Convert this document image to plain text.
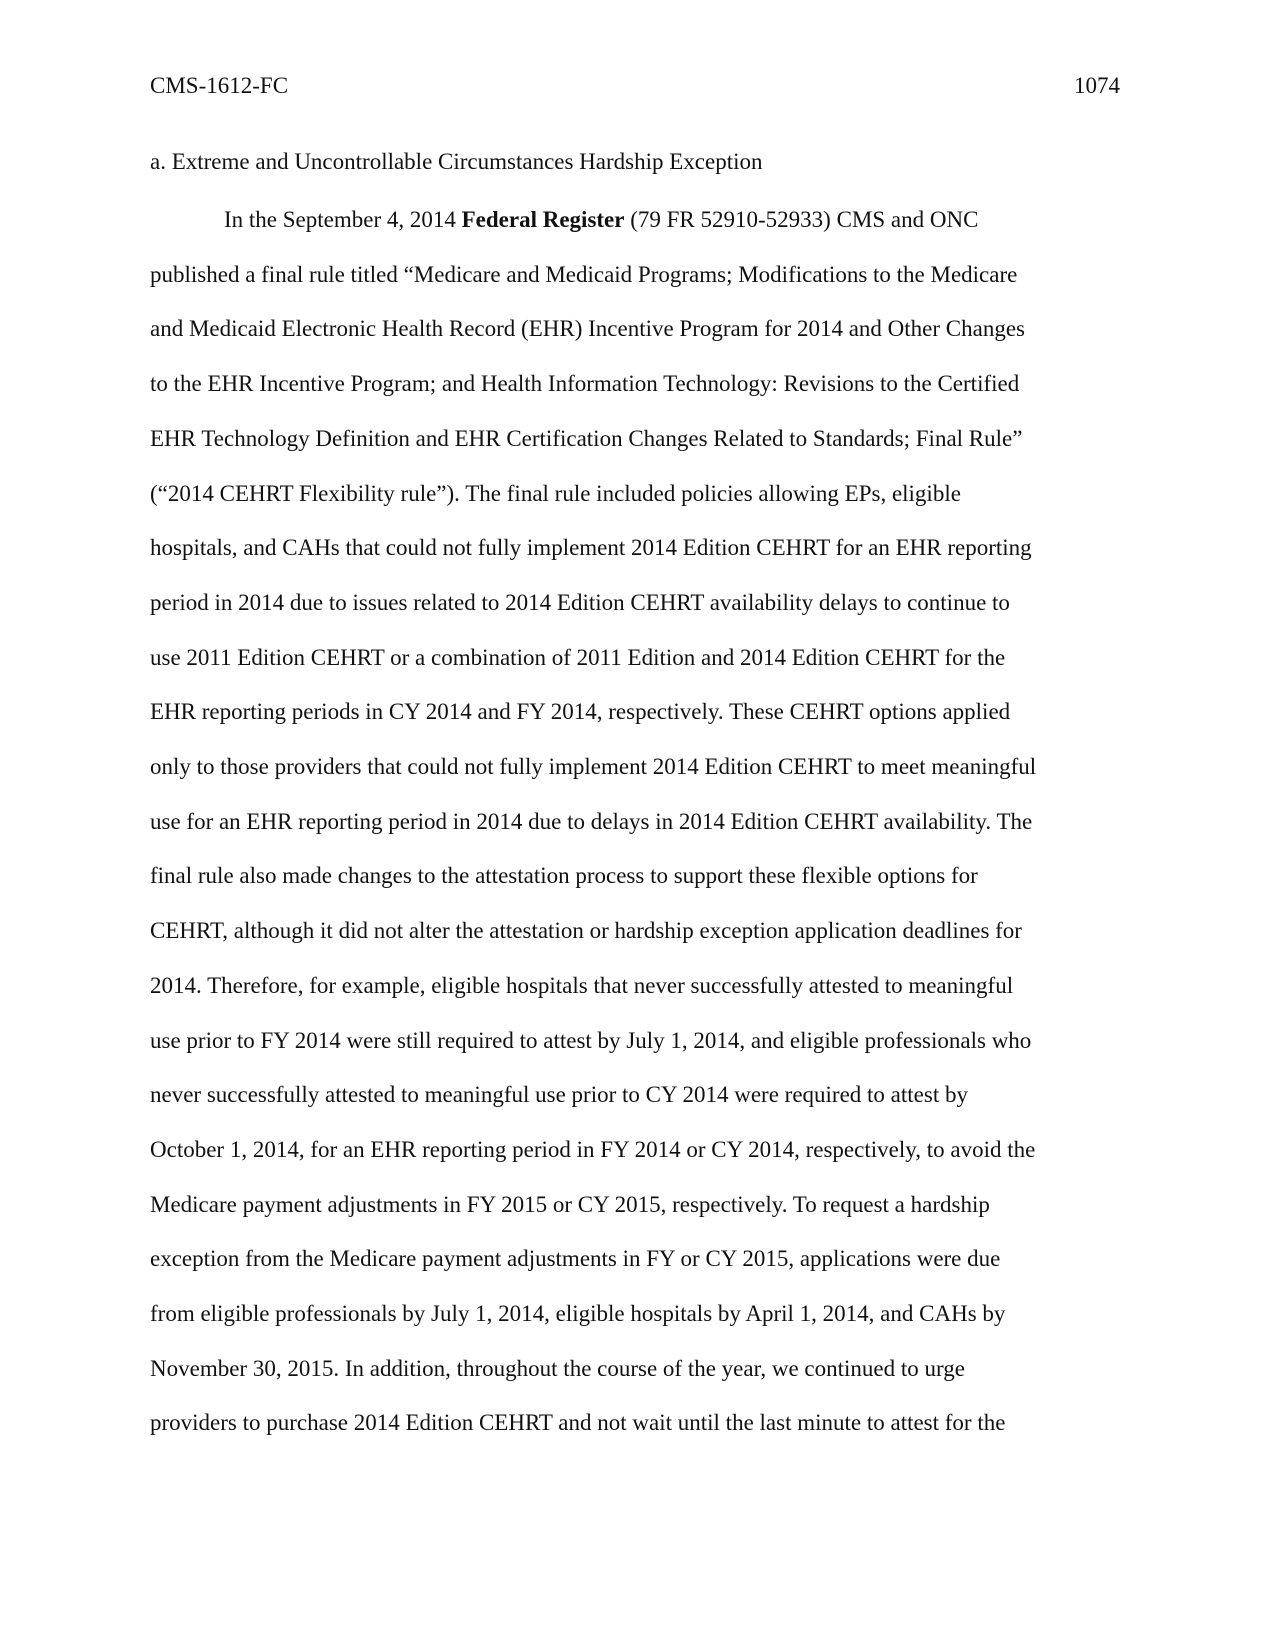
CMS-1612-FC	1074
a. Extreme and Uncontrollable Circumstances Hardship Exception
In the September 4, 2014 Federal Register (79 FR 52910-52933) CMS and ONC
published a final rule titled “Medicare and Medicaid Programs; Modifications to the Medicare
and Medicaid Electronic Health Record (EHR) Incentive Program for 2014 and Other Changes
to the EHR Incentive Program; and Health Information Technology: Revisions to the Certified
EHR Technology Definition and EHR Certification Changes Related to Standards; Final Rule”
(“2014 CEHRT Flexibility rule”). The final rule included policies allowing EPs, eligible
hospitals, and CAHs that could not fully implement 2014 Edition CEHRT for an EHR reporting
period in 2014 due to issues related to 2014 Edition CEHRT availability delays to continue to
use 2011 Edition CEHRT or a combination of 2011 Edition and 2014 Edition CEHRT for the
EHR reporting periods in CY 2014 and FY 2014, respectively. These CEHRT options applied
only to those providers that could not fully implement 2014 Edition CEHRT to meet meaningful
use for an EHR reporting period in 2014 due to delays in 2014 Edition CEHRT availability. The
final rule also made changes to the attestation process to support these flexible options for
CEHRT, although it did not alter the attestation or hardship exception application deadlines for
2014. Therefore, for example, eligible hospitals that never successfully attested to meaningful
use prior to FY 2014 were still required to attest by July 1, 2014, and eligible professionals who
never successfully attested to meaningful use prior to CY 2014 were required to attest by
October 1, 2014, for an EHR reporting period in FY 2014 or CY 2014, respectively, to avoid the
Medicare payment adjustments in FY 2015 or CY 2015, respectively. To request a hardship
exception from the Medicare payment adjustments in FY or CY 2015, applications were due
from eligible professionals by July 1, 2014, eligible hospitals by April 1, 2014, and CAHs by
November 30, 2015. In addition, throughout the course of the year, we continued to urge
providers to purchase 2014 Edition CEHRT and not wait until the last minute to attest for the
